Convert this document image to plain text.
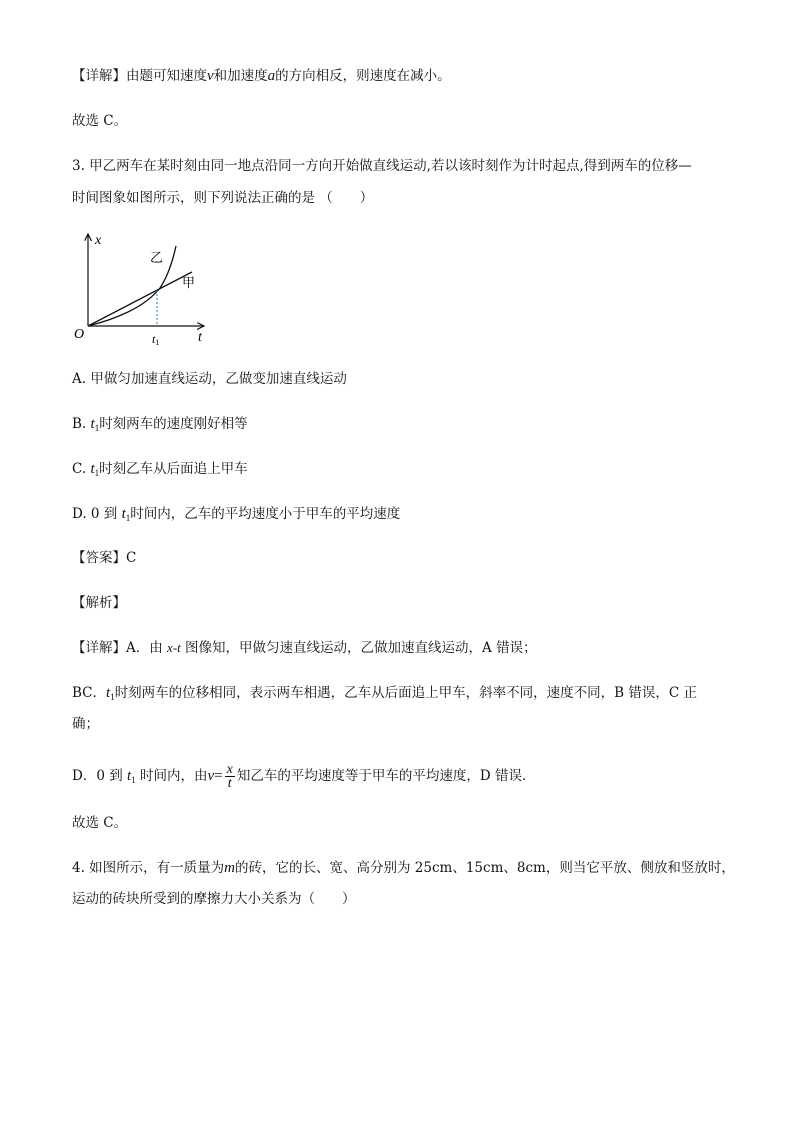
【详解】由题可知速度v和加速度a的方向相反，则速度在减小。
故选 C。
3. 甲乙两车在某时刻由同一地点沿同一方向开始做直线运动,若以该时刻作为计时起点,得到两车的位移—
时间图象如图所示，则下列说法正确的是 （　　）
x
t
O	t1
乙
甲
A. 甲做匀加速直线运动，乙做变加速直线运动
B. $t_1$时刻两车的速度刚好相等
C. $t_1$时刻乙车从后面追上甲车
D. 0 到 $t_1$时间内，乙车的平均速度小于甲车的平均速度
【答案】C
【解析】
【详解】A．由 x-t 图像知，甲做匀速直线运动，乙做加速直线运动，A 错误；
BC．$t_1$时刻两车的位移相同，表示两车相遇，乙车从后面追上甲车，斜率不同，速度不同，B 错误，C 正
确；
D．0 到 $t_1$ 时间内，由$v= \frac{x}{t}$ 知乙车的平均速度等于甲车的平均速度，D 错误．
故选 C。
4. 如图所示，有一质量为m的砖，它的长、宽、高分别为 25cm、15cm、8cm，则当它平放、侧放和竖放时，
运动的砖块所受到的摩擦力大小关系为（　　）
